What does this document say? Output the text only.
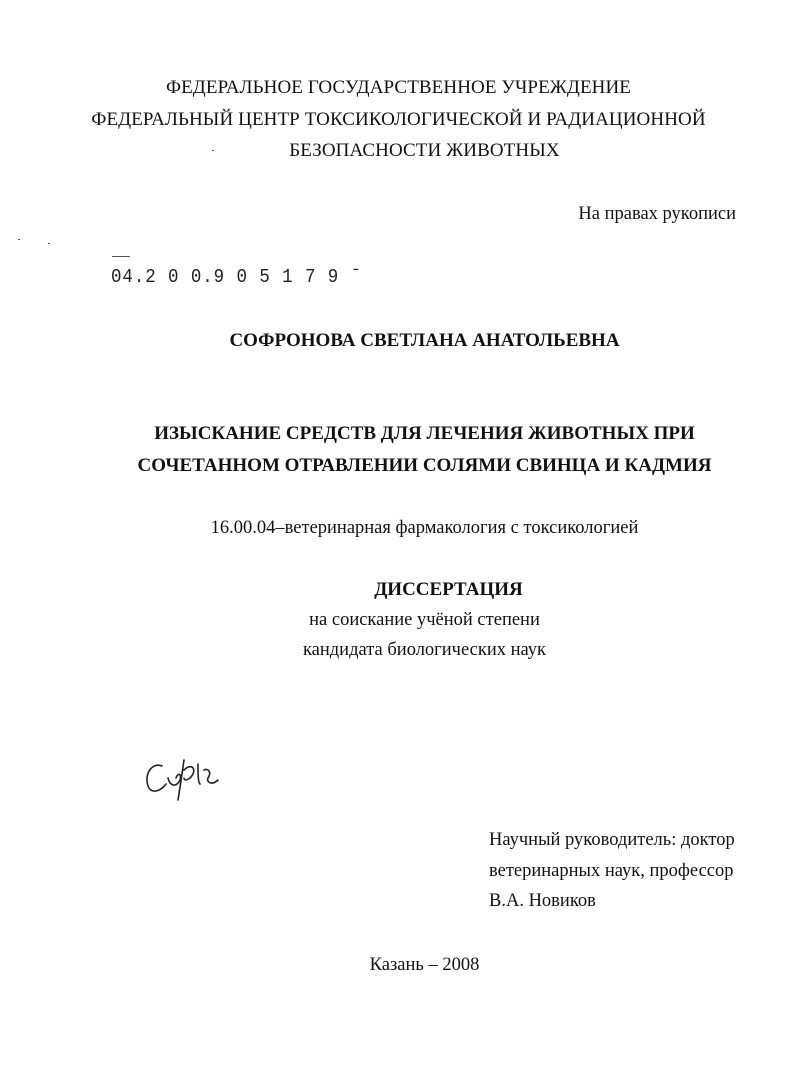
ФЕДЕРАЛЬНОЕ ГОСУДАРСТВЕННОЕ УЧРЕЖДЕНИЕ
ФЕДЕРАЛЬНЫЙ ЦЕНТР ТОКСИКОЛОГИЧЕСКОЙ И РАДИАЦИОННОЙ
БЕЗОПАСНОСТИ ЖИВОТНЫХ
На правах рукописи
04.2 0 0.9 0 5 1 7 9 ˉ
СОФРОНОВА СВЕТЛАНА АНАТОЛЬЕВНА
ИЗЫСКАНИЕ СРЕДСТВ ДЛЯ ЛЕЧЕНИЯ ЖИВОТНЫХ ПРИ
СОЧЕТАННОМ ОТРАВЛЕНИИ СОЛЯМИ СВИНЦА И КАДМИЯ
16.00.04–ветеринарная фармакология с токсикологией
ДИССЕРТАЦИЯ
на соискание учёной степени
кандидата биологических наук
Научный руководитель: доктор
ветеринарных наук, профессор
В.А. Новиков
Казань – 2008
